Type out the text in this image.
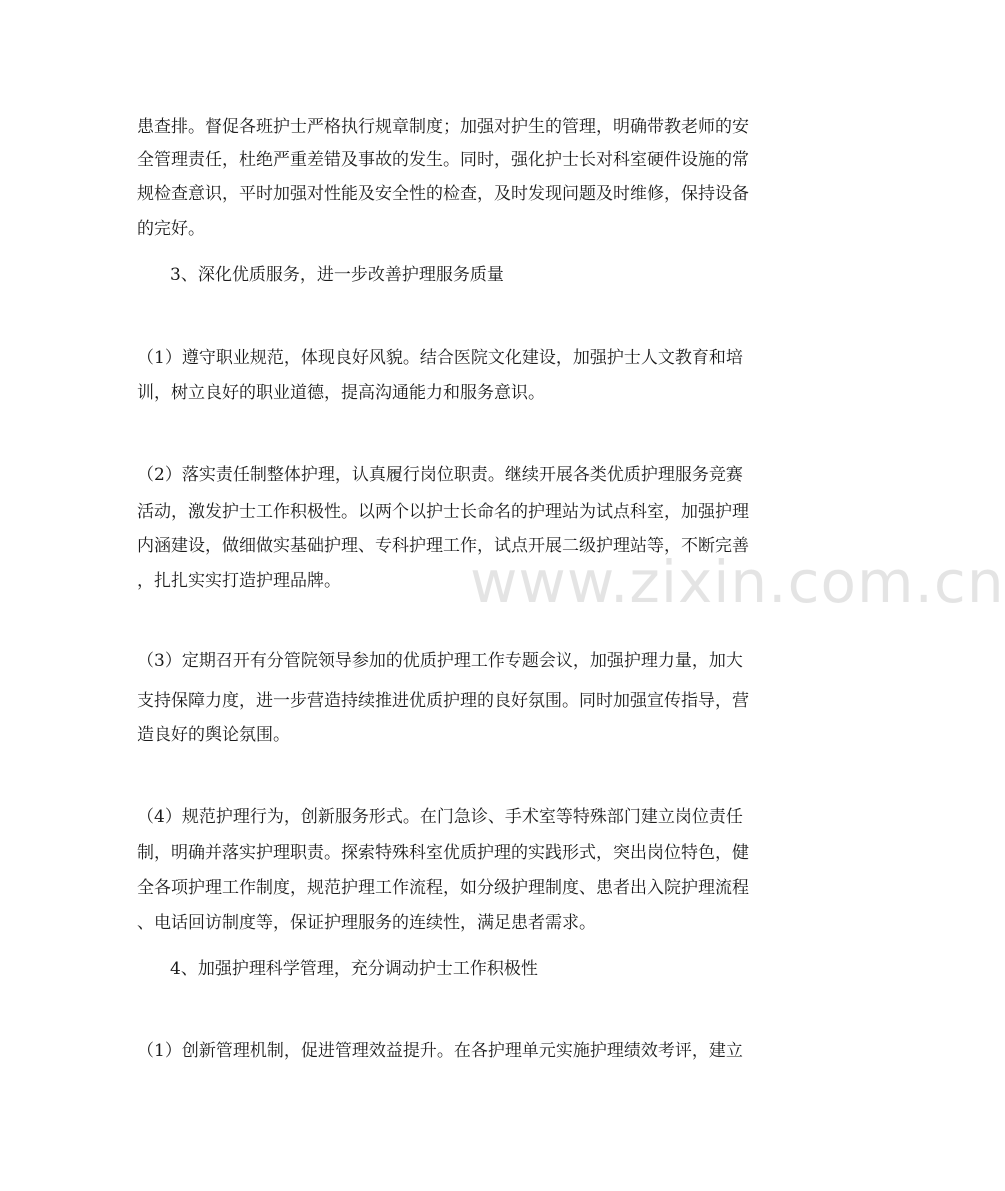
患查排。督促各班护士严格执行规章制度；加强对护生的管理，明确带教老师的安
全管理责任，杜绝严重差错及事故的发生。同时，强化护士长对科室硬件设施的常
规检查意识，平时加强对性能及安全性的检查，及时发现问题及时维修，保持设备
的完好。
3、深化优质服务，进一步改善护理服务质量
（1）遵守职业规范，体现良好风貌。结合医院文化建设，加强护士人文教育和培
训，树立良好的职业道德，提高沟通能力和服务意识。
（2）落实责任制整体护理，认真履行岗位职责。继续开展各类优质护理服务竞赛
活动，激发护士工作积极性。以两个以护士长命名的护理站为试点科室，加强护理
内涵建设，做细做实基础护理、专科护理工作，试点开展二级护理站等，不断完善
，扎扎实实打造护理品牌。
（3）定期召开有分管院领导参加的优质护理工作专题会议，加强护理力量，加大
支持保障力度，进一步营造持续推进优质护理的良好氛围。同时加强宣传指导，营
造良好的舆论氛围。
（4）规范护理行为，创新服务形式。在门急诊、手术室等特殊部门建立岗位责任
制，明确并落实护理职责。探索特殊科室优质护理的实践形式，突出岗位特色，健
全各项护理工作制度，规范护理工作流程，如分级护理制度、患者出入院护理流程
、电话回访制度等，保证护理服务的连续性，满足患者需求。
4、加强护理科学管理，充分调动护士工作积极性
（1）创新管理机制，促进管理效益提升。在各护理单元实施护理绩效考评，建立
www.zixin.com.cn
